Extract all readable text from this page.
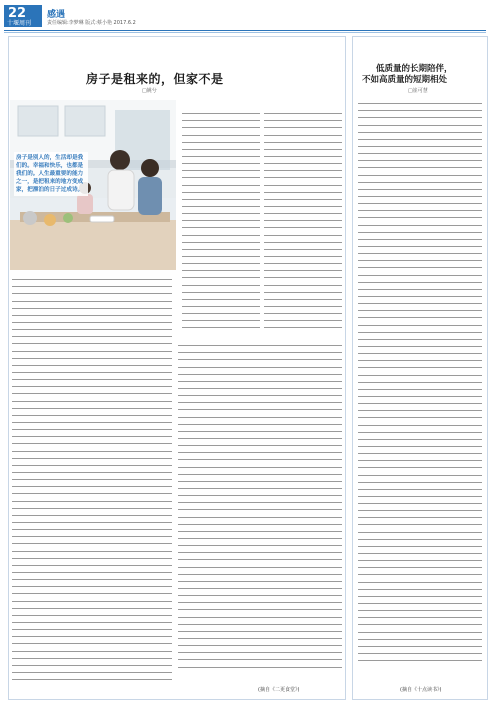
22
十堰周刊
感遇
责任编辑:李梦琳 版式:蔡小艳 2017.6.2
房子是租来的，但家不是
□姚兮
房子是别人的，生活却是我们的。幸福和快乐，也都是我们的。人生最重要的能力之一，是把租来的地方变成家，把漂泊的日子过成诗。
(摘自《二更食堂》)
低质量的长期陪伴，
不如高质量的短期相处
□崔可慧
(摘自《十点读书》)
